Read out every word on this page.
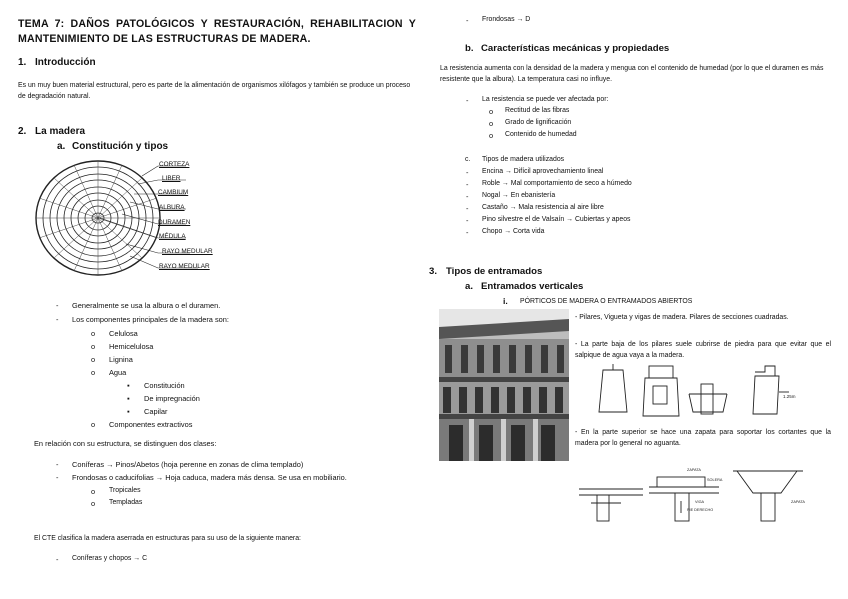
TEMA 7: DAÑOS PATOLÓGICOS Y RESTAURACIÓN, REHABILITACION Y MANTENIMIENTO DE LAS ESTRUCTURAS DE MADERA.
1. Introducción
Es un muy buen material estructural, pero es parte de la alimentación de organismos xilófagos y también se produce un proceso de degradación natural.
2. La madera
a. Constitución y tipos
CORTEZA
LIBER
CAMBIUM
ALBURA
DURAMEN
MÉDULA
RAYO MEDULAR
RAYO MEDULAR
- Generalmente se usa la albura o el duramen.
- Los componentes principales de la madera son:
o Celulosa
o Hemicelulosa
o Lignina
o Agua
▪ Constitución
▪ De impregnación
▪ Capilar
o Componentes extractivos
En relación con su estructura, se distinguen dos clases:
- Coníferas → Pinos/Abetos (hoja perenne en zonas de clima templado)
- Frondosas o caducifolias → Hoja caduca, madera más densa. Se usa en mobiliario.
o Tropicales
o Templadas
El CTE clasifica la madera aserrada en estructuras para su uso de la siguiente manera:
- Coníferas y chopos → C
- Frondosas → D
b. Características mecánicas y propiedades
La resistencia aumenta con la densidad de la madera y mengua con el contenido de humedad (por lo que el duramen es más resistente que la albura). La temperatura casi no influye.
- La resistencia se puede ver afectada por:
o Rectitud de las fibras
o Grado de lignificación
o Contenido de humedad
c. Tipos de madera utilizados
- Encina → Difícil aprovechamiento lineal
- Roble → Mal comportamiento de seco a húmedo
- Nogal → En ebanistería
- Castaño → Mala resistencia al aire libre
- Pino silvestre el de Valsaín → Cubiertas y apeos
- Chopo → Corta vida
3. Tipos de entramados
a. Entramados verticales
i. PÓRTICOS DE MADERA O ENTRAMADOS ABIERTOS
- Pilares, Vigueta y vigas de madera. Pilares de secciones cuadradas.
- La parte baja de los pilares suele cubrirse de piedra para que evitar que el salpique de agua vaya a la madera.
1.25m
- En la parte superior se hace una zapata para soportar los cortantes que la madera por lo general no aguanta.
ZAPATA
SOLERA
VIGA
PIE DERECHO
ZAPATA
